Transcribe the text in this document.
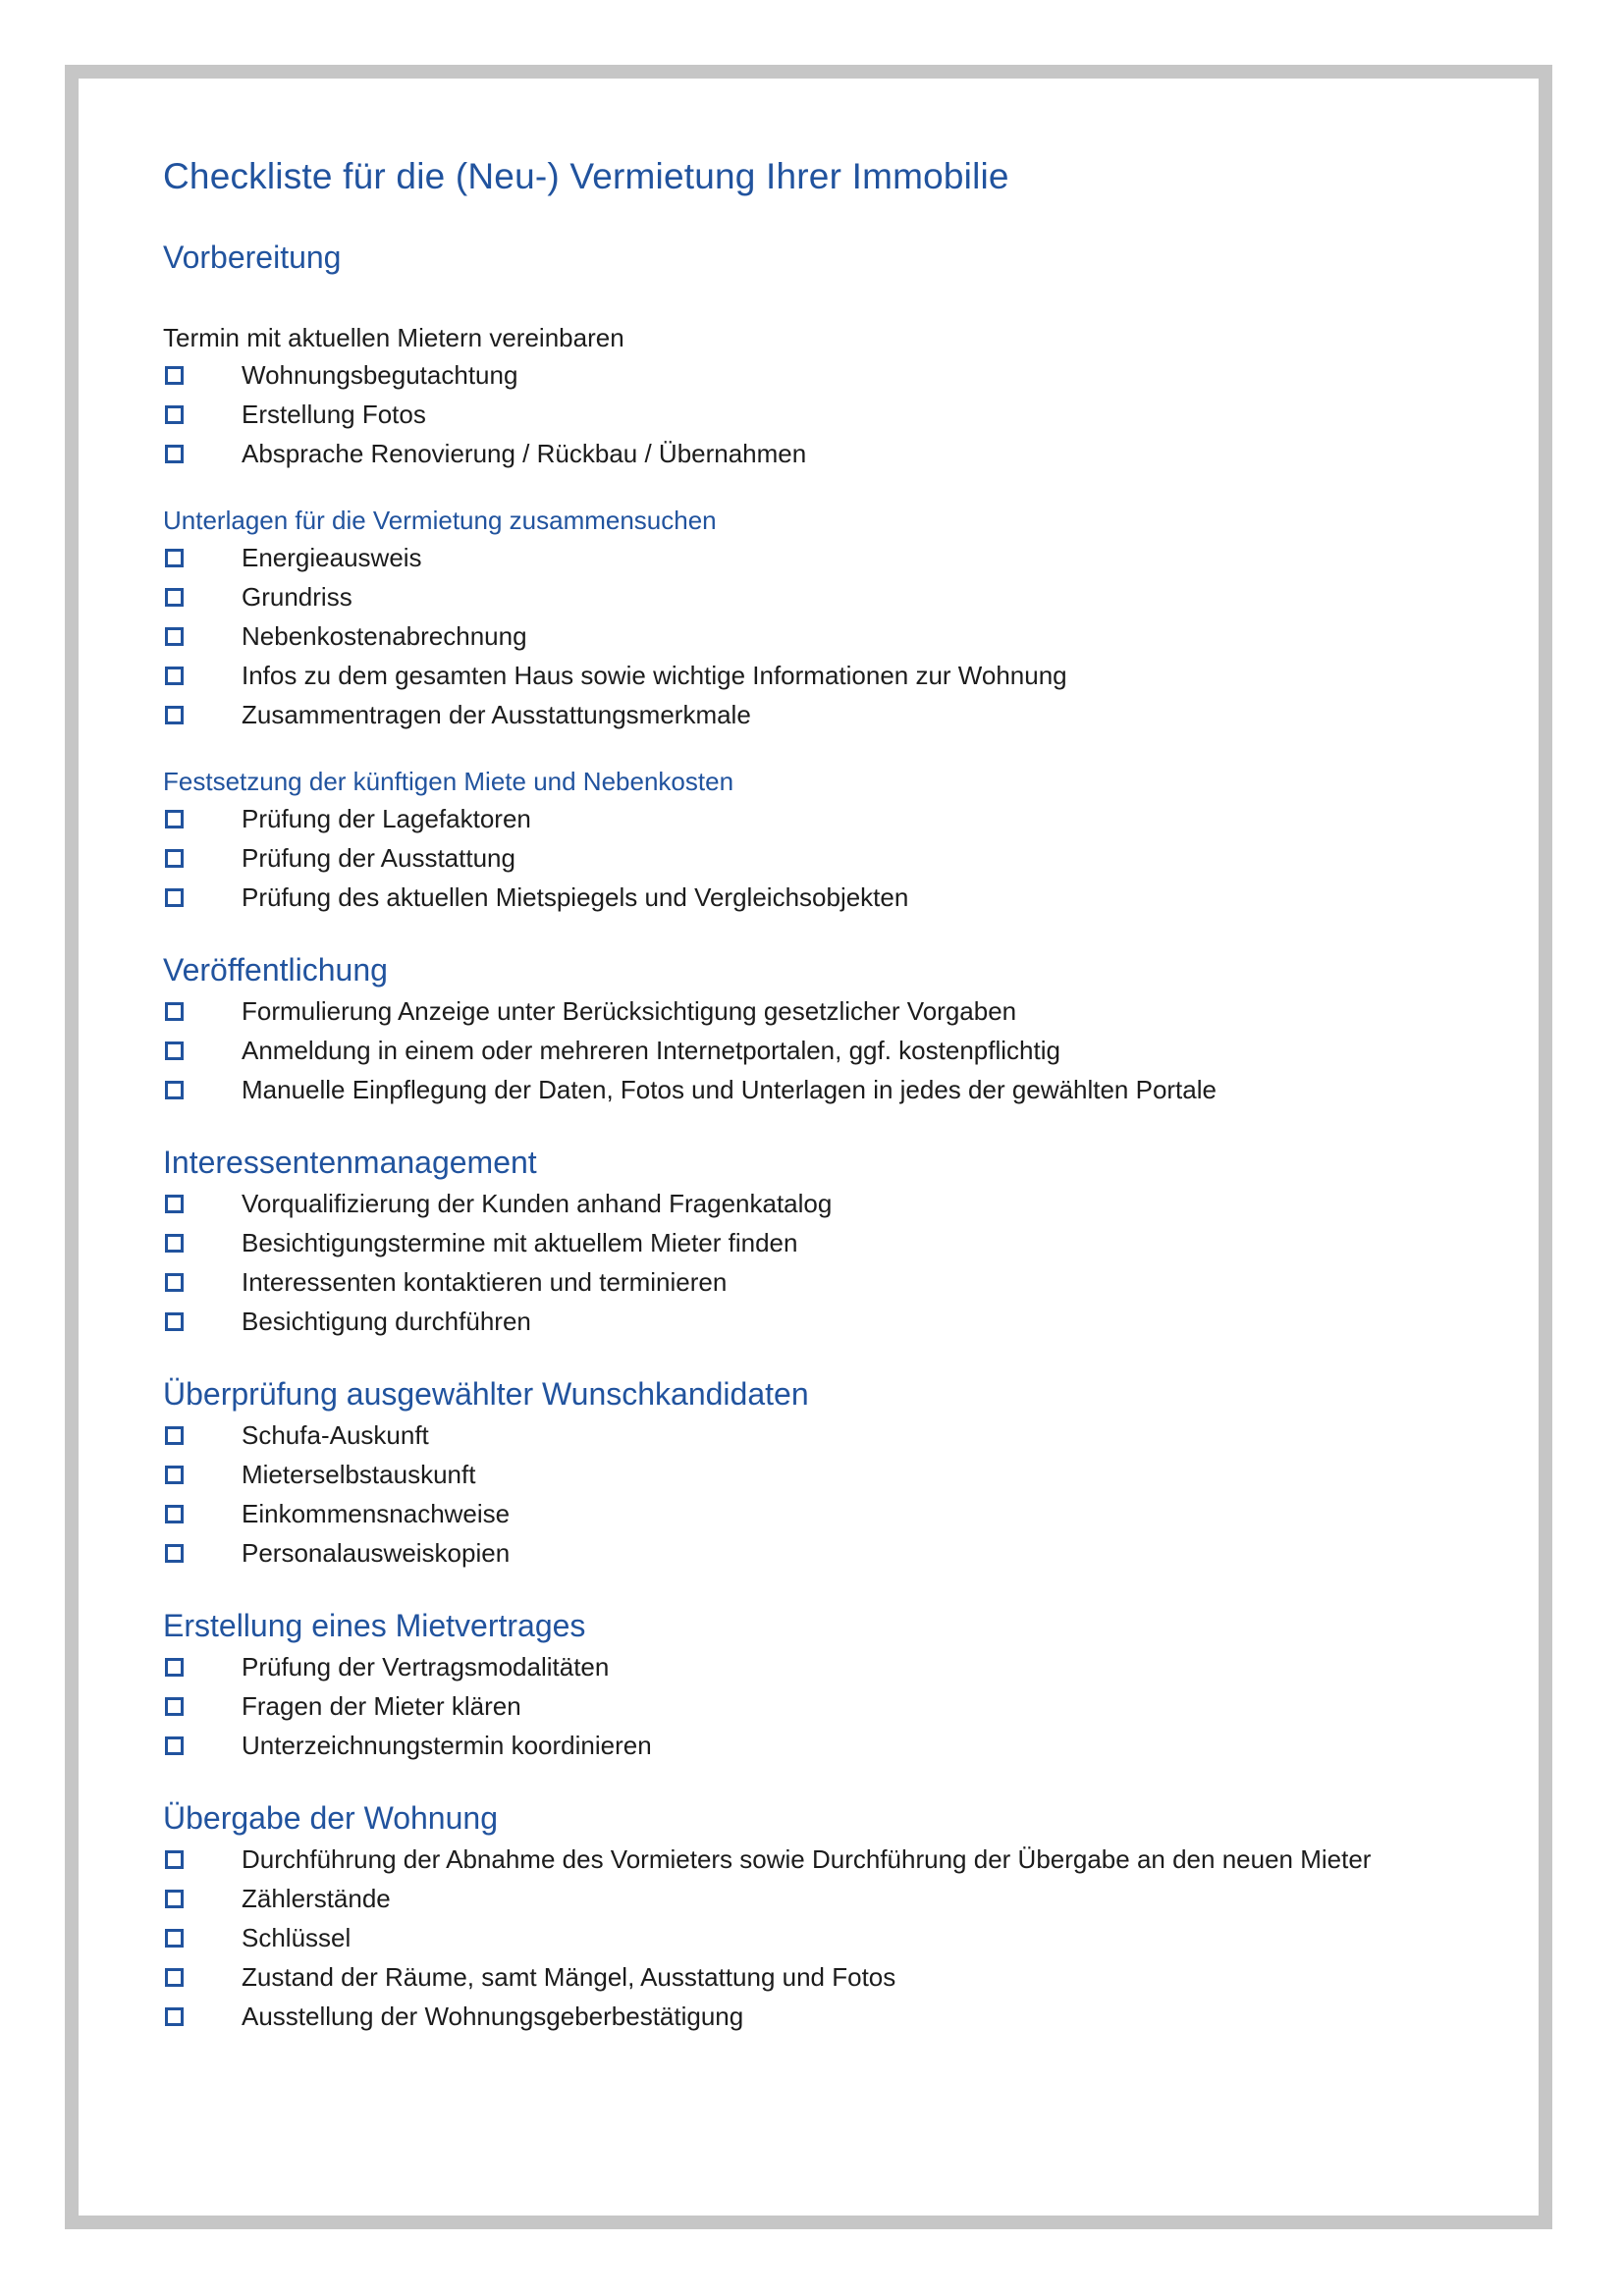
Checkliste für die (Neu-) Vermietung Ihrer Immobilie
Vorbereitung

Termin mit aktuellen Mietern vereinbaren

Wohnungsbegutachtung
Erstellung Fotos
Absprache Renovierung / Rückbau / Übernahmen

Unterlagen für die Vermietung zusammensuchen

Energieausweis
Grundriss
Nebenkostenabrechnung
Infos zu dem gesamten Haus sowie wichtige Informationen zur Wohnung
Zusammentragen der Ausstattungsmerkmale

Festsetzung der künftigen Miete und Nebenkosten

Prüfung der Lagefaktoren
Prüfung der Ausstattung
Prüfung des aktuellen Mietspiegels und Vergleichsobjekten
Veröffentlichung
Formulierung Anzeige unter Berücksichtigung gesetzlicher Vorgaben
Anmeldung in einem oder mehreren Internetportalen, ggf. kostenpflichtig
Manuelle Einpflegung der Daten, Fotos und Unterlagen in jedes der gewählten Portale
Interessentenmanagement
Vorqualifizierung der Kunden anhand Fragenkatalog
Besichtigungstermine mit aktuellem Mieter finden
Interessenten kontaktieren und terminieren
Besichtigung durchführen
Überprüfung ausgewählter Wunschkandidaten
Schufa-Auskunft
Mieterselbstauskunft
Einkommensnachweise
Personalausweiskopien
Erstellung eines Mietvertrages
Prüfung der Vertragsmodalitäten
Fragen der Mieter klären
Unterzeichnungstermin koordinieren
Übergabe der Wohnung
Durchführung der Abnahme des Vormieters sowie Durchführung der Übergabe an den neuen Mieter
Zählerstände
Schlüssel
Zustand der Räume, samt Mängel, Ausstattung und Fotos
Ausstellung der Wohnungsgeberbestätigung
